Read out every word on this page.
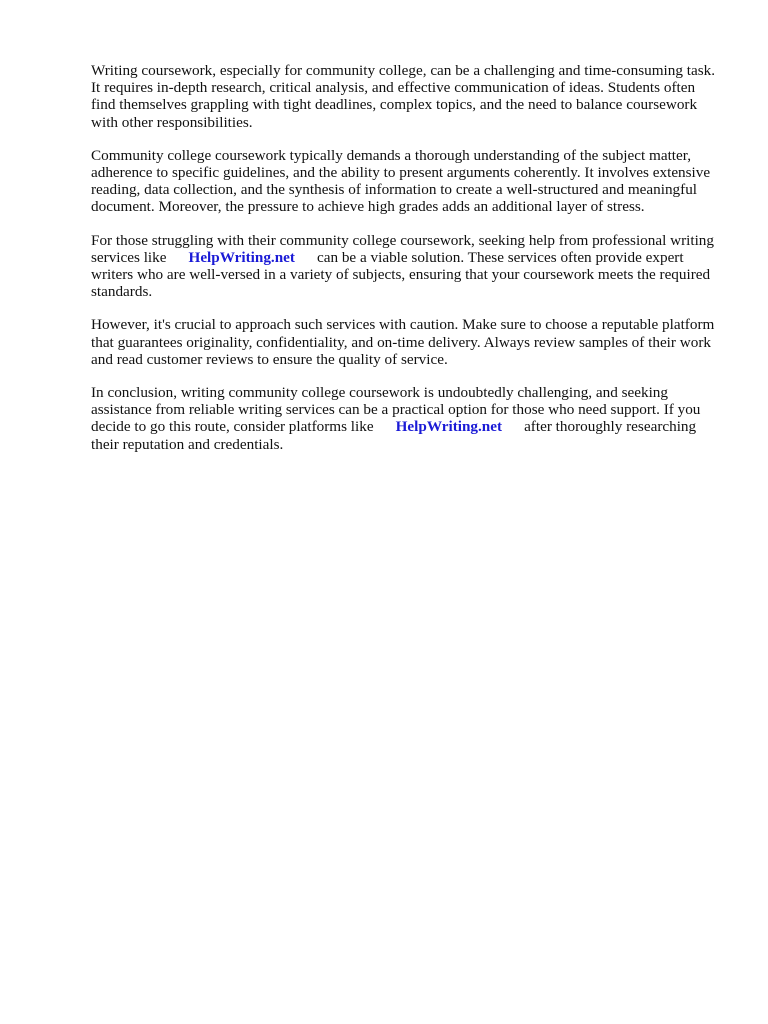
Writing coursework, especially for community college, can be a challenging and time-consuming task. It requires in-depth research, critical analysis, and effective communication of ideas. Students often find themselves grappling with tight deadlines, complex topics, and the need to balance coursework with other responsibilities.

Community college coursework typically demands a thorough understanding of the subject matter, adherence to specific guidelines, and the ability to present arguments coherently. It involves extensive reading, data collection, and the synthesis of information to create a well-structured and meaningful document. Moreover, the pressure to achieve high grades adds an additional layer of stress.

For those struggling with their community college coursework, seeking help from professional writing services like HelpWriting.net can be a viable solution. These services often provide expert writers who are well-versed in a variety of subjects, ensuring that your coursework meets the required standards.

However, it's crucial to approach such services with caution. Make sure to choose a reputable platform that guarantees originality, confidentiality, and on-time delivery. Always review samples of their work and read customer reviews to ensure the quality of service.

In conclusion, writing community college coursework is undoubtedly challenging, and seeking assistance from reliable writing services can be a practical option for those who need support. If you decide to go this route, consider platforms like HelpWriting.net after thoroughly researching their reputation and credentials.
